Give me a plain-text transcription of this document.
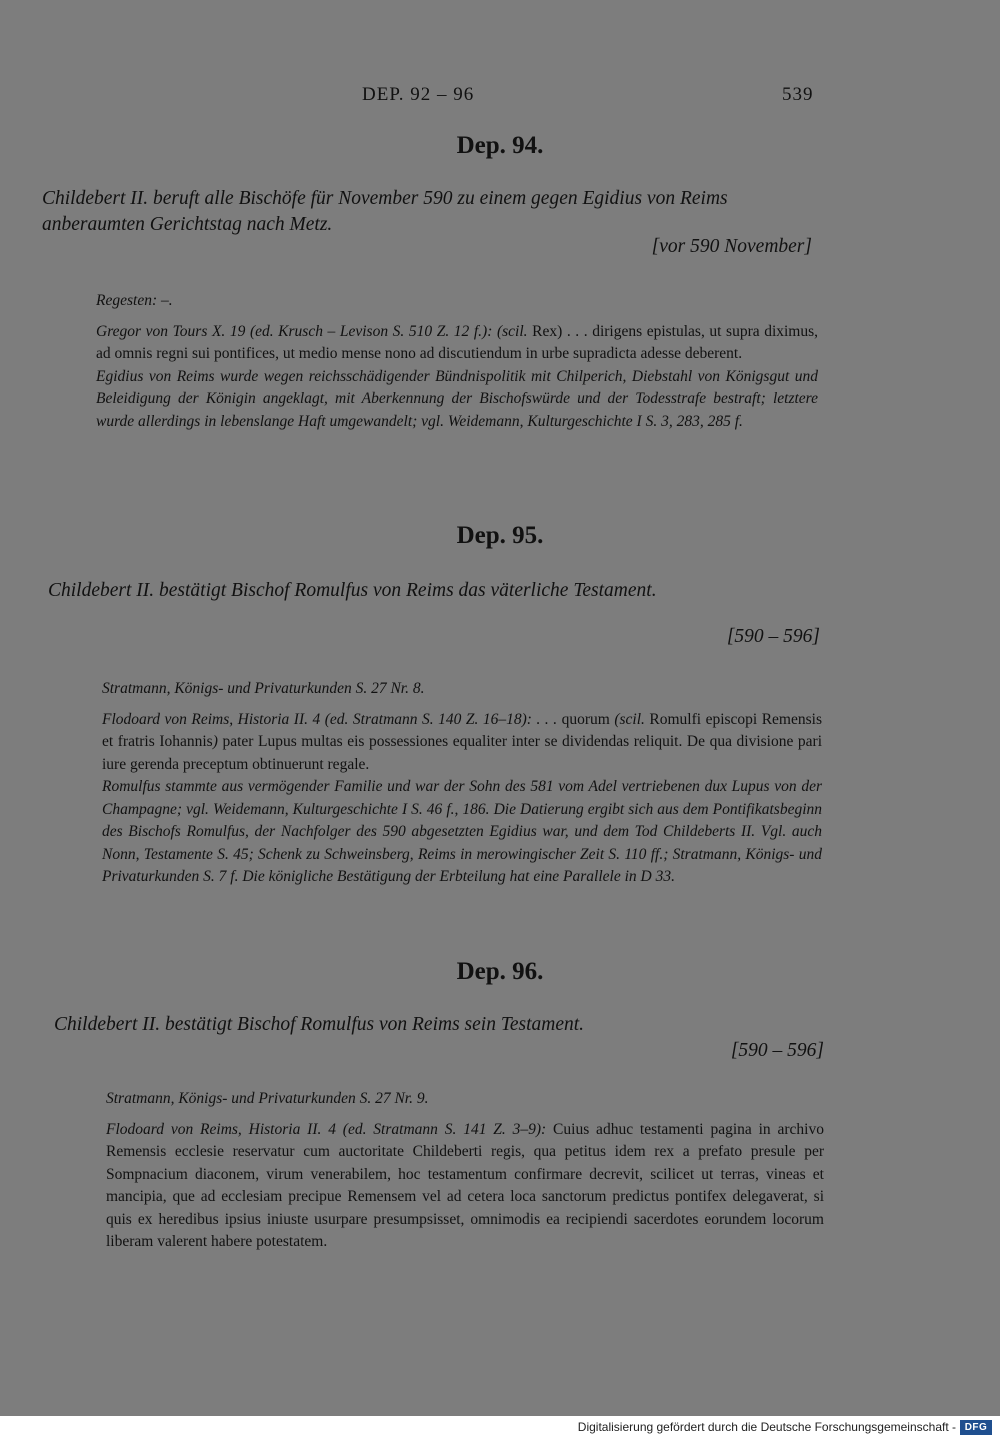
DEP. 92 – 96	539
Dep. 94.
Childebert II. beruft alle Bischöfe für November 590 zu einem gegen Egidius von Reims anberaumten Gerichtstag nach Metz.
[vor 590 November]

Regesten: –.

Gregor von Tours X. 19 (ed. Krusch – Levison S. 510 Z. 12 f.): (scil. Rex) . . . dirigens epistulas, ut supra diximus, ad omnis regni sui pontifices, ut medio mense nono ad discutiendum in urbe supradicta adesse deberent.

Egidius von Reims wurde wegen reichsschädigender Bündnispolitik mit Chilperich, Diebstahl von Königsgut und Beleidigung der Königin angeklagt, mit Aberkennung der Bischofswürde und der Todesstrafe bestraft; letztere wurde allerdings in lebenslange Haft umgewandelt; vgl. Weidemann, Kulturgeschichte I S. 3, 283, 285 f.

Dep. 95.
Childebert II. bestätigt Bischof Romulfus von Reims das väterliche Testament.
[590 – 596]

Stratmann, Königs- und Privaturkunden S. 27 Nr. 8.

Flodoard von Reims, Historia II. 4 (ed. Stratmann S. 140 Z. 16–18): . . . quorum (scil. Romulfi episcopi Remensis et fratris Iohannis) pater Lupus multas eis possessiones equaliter inter se dividendas reliquit. De qua divisione pari iure gerenda preceptum obtinuerunt regale.

Romulfus stammte aus vermögender Familie und war der Sohn des 581 vom Adel vertriebenen dux Lupus von der Champagne; vgl. Weidemann, Kulturgeschichte I S. 46 f., 186. Die Datierung ergibt sich aus dem Pontifikatsbeginn des Bischofs Romulfus, der Nachfolger des 590 abgesetzten Egidius war, und dem Tod Childeberts II. Vgl. auch Nonn, Testamente S. 45; Schenk zu Schweinsberg, Reims in merowingischer Zeit S. 110 ff.; Stratmann, Königs- und Privaturkunden S. 7 f. Die königliche Bestätigung der Erbteilung hat eine Parallele in D 33.

Dep. 96.
Childebert II. bestätigt Bischof Romulfus von Reims sein Testament.
[590 – 596]

Stratmann, Königs- und Privaturkunden S. 27 Nr. 9.

Flodoard von Reims, Historia II. 4 (ed. Stratmann S. 141 Z. 3–9): Cuius adhuc testamenti pagina in archivo Remensis ecclesie reservatur cum auctoritate Childeberti regis, qua petitus idem rex a prefato presule per Sompnacium diaconem, virum venerabilem, hoc testamentum confirmare decrevit, scilicet ut terras, vineas et mancipia, que ad ecclesiam precipue Remensem vel ad cetera loca sanctorum predictus pontifex delegaverat, si quis ex heredibus ipsius iniuste usurpare presumpsisset, omnimodis ea recipiendi sacerdotes eorundem locorum liberam valerent habere potestatem.

Digitalisierung gefördert durch die Deutsche Forschungsgemeinschaft - DFG
